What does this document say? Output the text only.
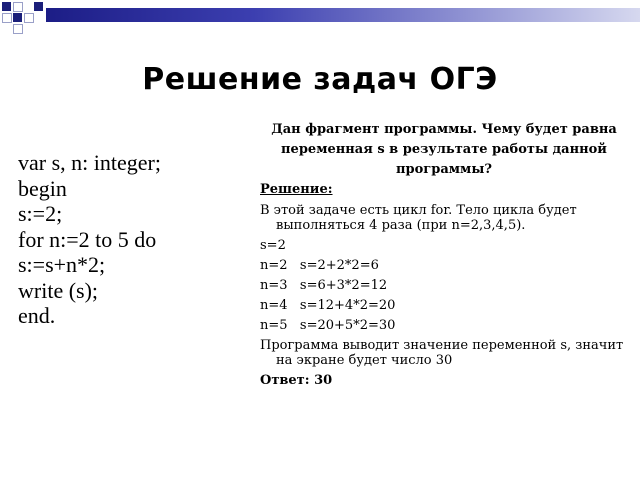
Решение задач ОГЭ
var s, n: integer;
begin
s:=2;
for n:=2 to 5 do
s:=s+n*2;
write (s);
end.
Дан фрагмент программы. Чему будет равна
переменная s в результате работы данной
программы?
Решение:
В этой задаче есть цикл for. Тело цикла будет выполняться 4 раза (при n=2,3,4,5).
s=2
n=2   s=2+2*2=6
n=3   s=6+3*2=12
n=4   s=12+4*2=20
n=5   s=20+5*2=30
Программа выводит значение переменной s, значит на экране будет число 30
Ответ: 30
